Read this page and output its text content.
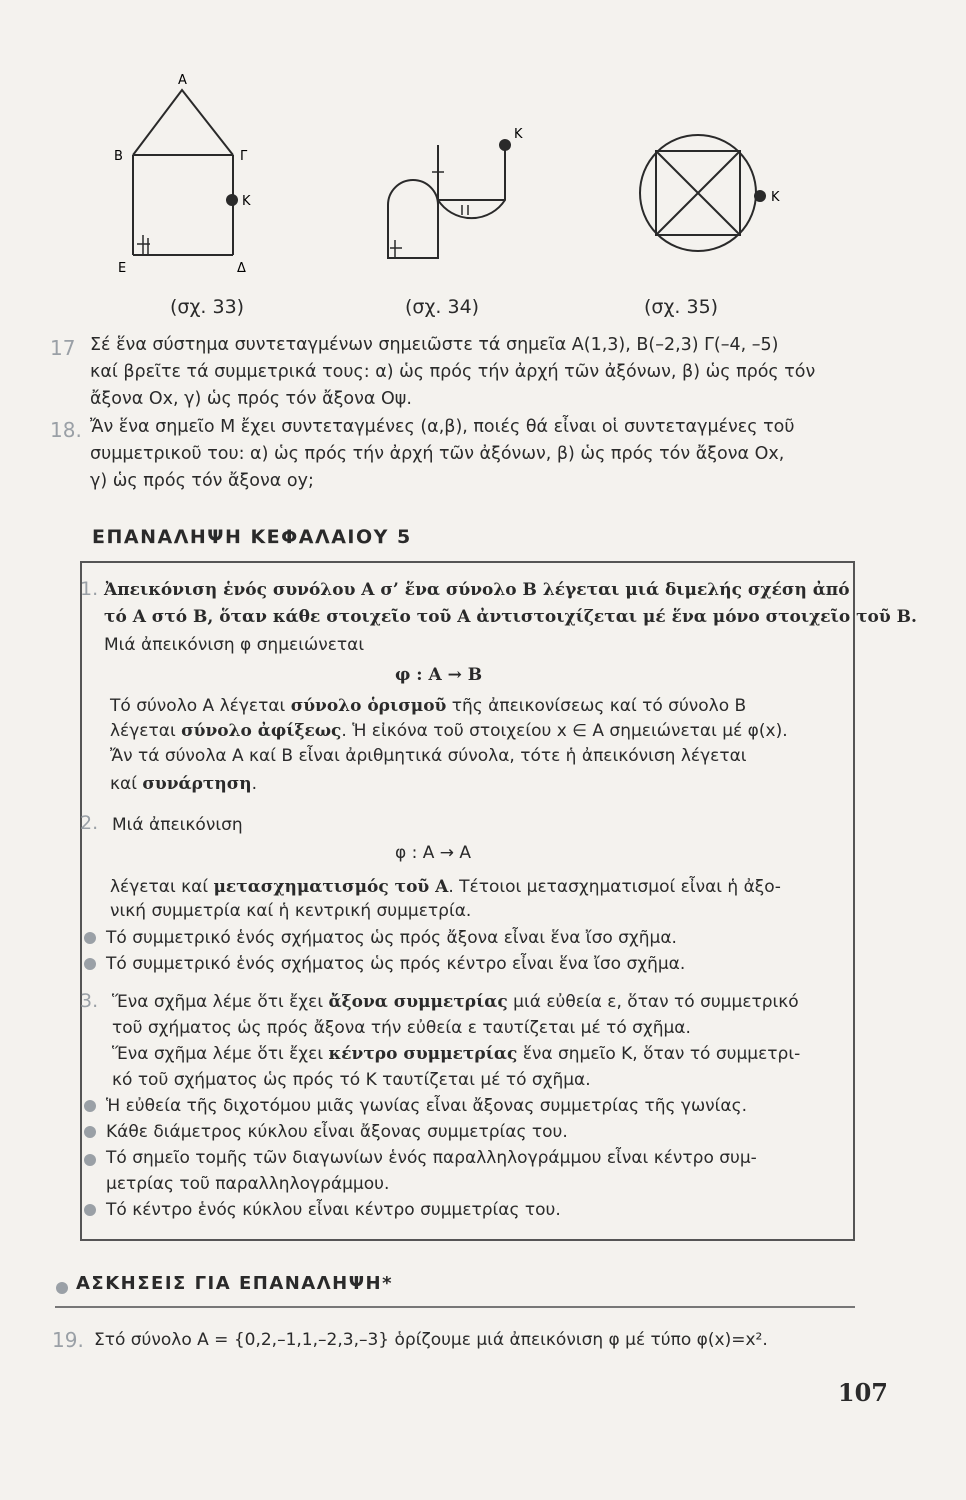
A
B	Γ
K
E	Δ
K
K
(σχ. 33)	(σχ. 34)	(σχ. 35)
17 Σέ ἕνα σύστημα συντεταγμένων σημειῶστε τά σημεῖα Α(1,3), Β(–2,3) Γ(–4, –5)
καί βρεῖτε τά συμμετρικά τους: α) ὡς πρός τήν ἀρχή τῶν ἀξόνων, β) ὡς πρός τόν
ἄξονα Οx, γ) ὡς πρός τόν ἄξονα Οψ.
18. Ἄν ἕνα σημεῖο Μ ἔχει συντεταγμένες (α,β), ποιές θά εἶναι οἱ συντεταγμένες τοῦ
συμμετρικοῦ του: α) ὡς πρός τήν ἀρχή τῶν ἀξόνων, β) ὡς πρός τόν ἄξονα Οx,
γ) ὡς πρός τόν ἄξονα oy;
ΕΠΑΝΑΛΗΨΗ ΚΕΦΑΛΑΙΟΥ 5
1. Ἀπεικόνιση ἑνός συνόλου Α σ’ ἕνα σύνολο Β λέγεται μιά διμελής σχέση ἀπό
τό Α στό Β, ὅταν κάθε στοιχεῖο τοῦ Α ἀντιστοιχίζεται μέ ἕνα μόνο στοιχεῖο τοῦ Β.
Μιά ἀπεικόνιση φ σημειώνεται
φ : Α → Β
Τό σύνολο Α λέγεται σύνολο ὁρισμοῦ τῆς ἀπεικονίσεως καί τό σύνολο Β
λέγεται σύνολο ἀφίξεως. Ἡ εἰκόνα τοῦ στοιχείου x ∈ Α σημειώνεται μέ φ(x).
Ἄν τά σύνολα Α καί Β εἶναι ἀριθμητικά σύνολα, τότε ἡ ἀπεικόνιση λέγεται
καί συνάρτηση.
2. Μιά ἀπεικόνιση
φ : Α → Α
λέγεται καί μετασχηματισμός τοῦ Α. Τέτοιοι μετασχηματισμοί εἶναι ἡ ἀξο-
νική συμμετρία καί ἡ κεντρική συμμετρία.
Τό συμμετρικό ἑνός σχήματος ὡς πρός ἄξονα εἶναι ἕνα ἴσο σχῆμα.
Τό συμμετρικό ἑνός σχήματος ὡς πρός κέντρο εἶναι ἕνα ἴσο σχῆμα.
3. Ἕνα σχῆμα λέμε ὅτι ἔχει ἄξονα συμμετρίας μιά εὐθεία ε, ὅταν τό συμμετρικό
τοῦ σχήματος ὡς πρός ἄξονα τήν εὐθεία ε ταυτίζεται μέ τό σχῆμα.
Ἕνα σχῆμα λέμε ὅτι ἔχει κέντρο συμμετρίας ἕνα σημεῖο Κ, ὅταν τό συμμετρι-
κό τοῦ σχήματος ὡς πρός τό Κ ταυτίζεται μέ τό σχῆμα.
Ἡ εὐθεία τῆς διχοτόμου μιᾶς γωνίας εἶναι ἄξονας συμμετρίας τῆς γωνίας.
Κάθε διάμετρος κύκλου εἶναι ἄξονας συμμετρίας του.
Τό σημεῖο τομῆς τῶν διαγωνίων ἑνός παραλληλογράμμου εἶναι κέντρο συμ-
μετρίας τοῦ παραλληλογράμμου.
Τό κέντρο ἑνός κύκλου εἶναι κέντρο συμμετρίας του.
ΑΣΚΗΣΕΙΣ ΓΙΑ ΕΠΑΝΑΛΗΨΗ*
19. Στό σύνολο Α = {0,2,–1,1,–2,3,–3} ὁρίζουμε μιά ἀπεικόνιση φ μέ τύπο φ(x)=x².
107
